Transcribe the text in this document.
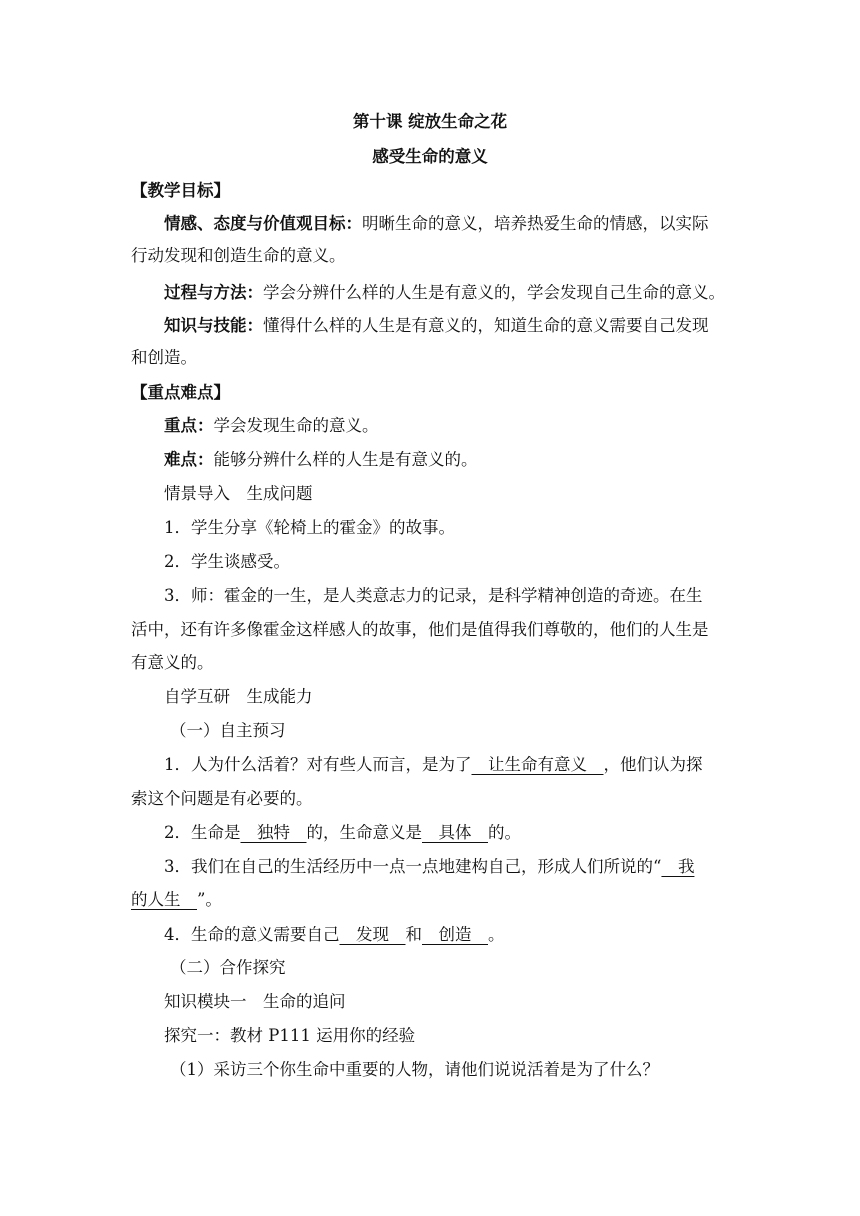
第十课 绽放生命之花
感受生命的意义
【教学目标】
情感、态度与价值观目标：明晰生命的意义，培养热爱生命的情感，以实际
行动发现和创造生命的意义。
过程与方法：学会分辨什么样的人生是有意义的，学会发现自己生命的意义。
知识与技能：懂得什么样的人生是有意义的，知道生命的意义需要自己发现
和创造。
【重点难点】
重点：学会发现生命的意义。
难点：能够分辨什么样的人生是有意义的。
情景导入　生成问题
1．学生分享《轮椅上的霍金》的故事。
2．学生谈感受。
3．师：霍金的一生，是人类意志力的记录，是科学精神创造的奇迹。在生
活中，还有许多像霍金这样感人的故事，他们是值得我们尊敬的，他们的人生是
有意义的。
自学互研　生成能力
（一）自主预习
1．人为什么活着？对有些人而言，是为了　让生命有意义　，他们认为探
索这个问题是有必要的。
2．生命是　独特　的，生命意义是　具体　的。
3．我们在自己的生活经历中一点一点地建构自己，形成人们所说的“　我
的人生　”。
4．生命的意义需要自己　发现　和　创造　。
（二）合作探究
知识模块一　生命的追问
探究一：教材 P111 运用你的经验
（1）采访三个你生命中重要的人物，请他们说说活着是为了什么？
